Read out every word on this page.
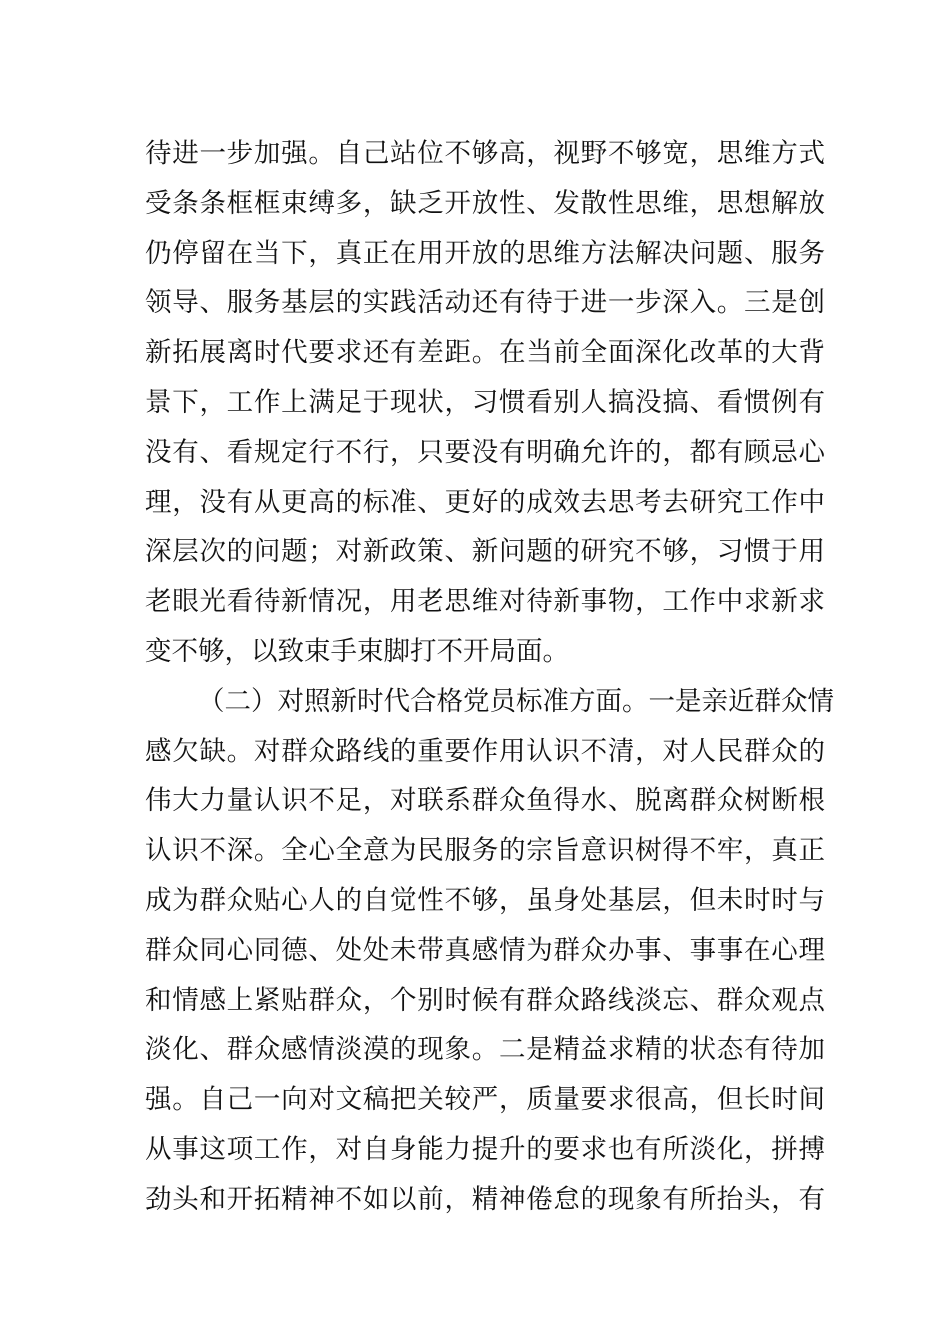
待进一步加强。自己站位不够高，视野不够宽，思维方式
受条条框框束缚多，缺乏开放性、发散性思维，思想解放
仍停留在当下，真正在用开放的思维方法解决问题、服务
领导、服务基层的实践活动还有待于进一步深入。三是创
新拓展离时代要求还有差距。在当前全面深化改革的大背
景下，工作上满足于现状，习惯看别人搞没搞、看惯例有
没有、看规定行不行，只要没有明确允许的，都有顾忌心
理，没有从更高的标准、更好的成效去思考去研究工作中
深层次的问题；对新政策、新问题的研究不够，习惯于用
老眼光看待新情况，用老思维对待新事物，工作中求新求
变不够，以致束手束脚打不开局面。
（二）对照新时代合格党员标准方面。一是亲近群众情
感欠缺。对群众路线的重要作用认识不清，对人民群众的
伟大力量认识不足，对联系群众鱼得水、脱离群众树断根
认识不深。全心全意为民服务的宗旨意识树得不牢，真正
成为群众贴心人的自觉性不够，虽身处基层，但未时时与
群众同心同德、处处未带真感情为群众办事、事事在心理
和情感上紧贴群众，个别时候有群众路线淡忘、群众观点
淡化、群众感情淡漠的现象。二是精益求精的状态有待加
强。自己一向对文稿把关较严，质量要求很高，但长时间
从事这项工作，对自身能力提升的要求也有所淡化，拼搏
劲头和开拓精神不如以前，精神倦怠的现象有所抬头，有
